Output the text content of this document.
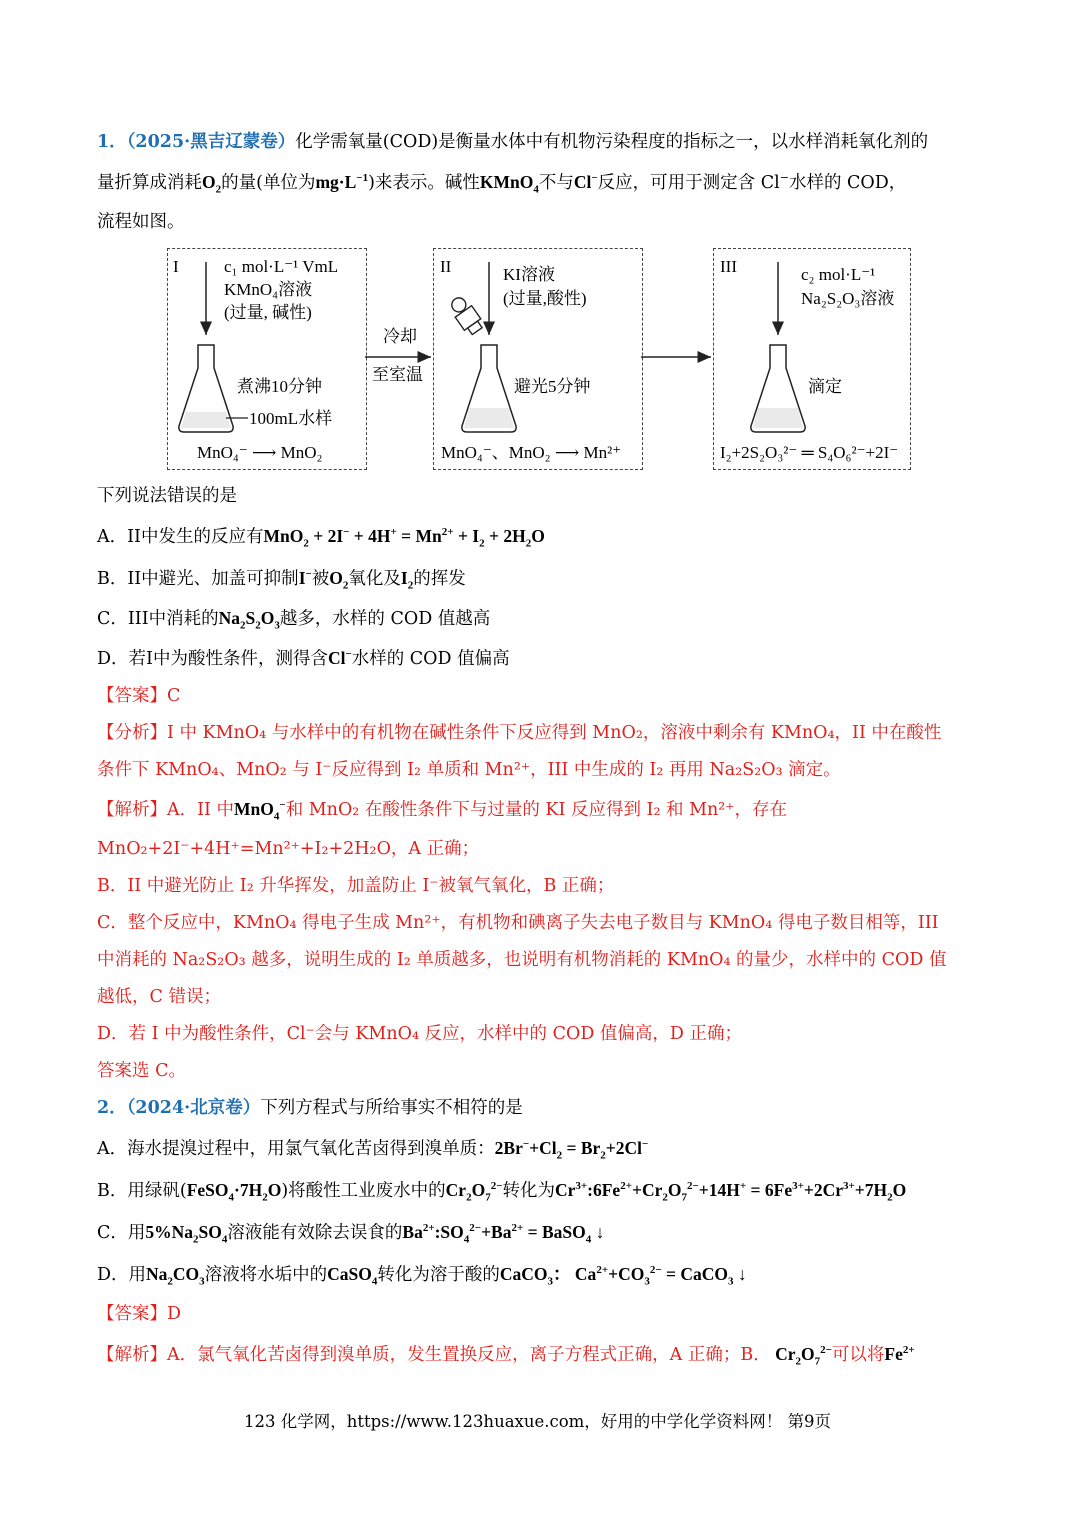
1．（2025·黑吉辽蒙卷）化学需氧量(COD)是衡量水体中有机物污染程度的指标之一，以水样消耗氧化剂的
量折算成消耗$O_2$的量(单位为$mg\cdot L^{-1}$)来表示。碱性KMnO$_4$不与Cl−反应，可用于测定含 Cl−水样的 COD，
流程如图。
I	c₁ mol·L⁻¹ VmL
KMnO₄溶液
(过量, 碱性)
煮沸10分钟
100mL水样
MnO₄⁻ ⟶ MnO₂
冷却
至室温
II	KI溶液
(过量,酸性)
避光5分钟
MnO₄⁻、MnO₂ ⟶ Mn²⁺
III	c₂ mol·L⁻¹
Na₂S₂O₃溶液
滴定
I₂+2S₂O₃²⁻ ═ S₄O₆²⁻+2I⁻
下列说法错误的是
A．II中发生的反应有$MnO_2 + 2I^- + 4H^+ = Mn^{2+} + I_2 + 2H_2O$
B．II中避光、加盖可抑制I−被$O_2$氧化及$I_2$的挥发
C．III中消耗的$Na_2S_2O_3$越多，水样的 COD 值越高
D．若I中为酸性条件，测得含Cl−水样的 COD 值偏高
【答案】C
【分析】I 中 KMnO₄ 与水样中的有机物在碱性条件下反应得到 MnO₂，溶液中剩余有 KMnO₄，II 中在酸性
条件下 KMnO₄、MnO₂ 与 I⁻反应得到 I₂ 单质和 Mn²⁺，III 中生成的 I₂ 再用 Na₂S₂O₃ 滴定。
【解析】A．II 中MnO$_4$−和 MnO₂ 在酸性条件下与过量的 KI 反应得到 I₂ 和 Mn²⁺，存在
MnO₂+2I⁻+4H⁺=Mn²⁺+I₂+2H₂O，A 正确；
B．II 中避光防止 I₂ 升华挥发，加盖防止 I⁻被氧气氧化，B 正确；
C．整个反应中，KMnO₄ 得电子生成 Mn²⁺，有机物和碘离子失去电子数目与 KMnO₄ 得电子数目相等，III
中消耗的 Na₂S₂O₃ 越多，说明生成的 I₂ 单质越多，也说明有机物消耗的 KMnO₄ 的量少，水样中的 COD 值
越低，C 错误；
D．若 I 中为酸性条件，Cl⁻会与 KMnO₄ 反应，水样中的 COD 值偏高，D 正确；
答案选 C。
2．（2024·北京卷）下列方程式与所给事实不相符的是
A．海水提溴过程中，用氯气氧化苦卤得到溴单质：$2Br^-+Cl_2 = Br_2+2Cl^-$
B．用绿矾$(FeSO_4\cdot 7H_2O)$将酸性工业废水中的$Cr_2O_7^{2-}$转化为$Cr^{3+}:6Fe^{2+}+Cr_2O_7^{2-}+14H^+ = 6Fe^{3+}+2Cr^{3+}+7H_2O$
C．用$5\%Na_2SO_4$溶液能有效除去误食的$Ba^{2+}:SO_4^{2-}+Ba^{2+}$ = BaSO$_4$ ↓
D．用$Na_2CO_3$溶液将水垢中的CaSO$_4$转化为溶于酸的CaCO$_3$： $Ca^{2+}+CO_3^{2-}$ = CaCO$_3$ ↓
【答案】D
【解析】A．氯气氧化苦卤得到溴单质，发生置换反应，离子方程式正确，A 正确；B． $Cr_2O_7^{2-}$可以将$Fe^{2+}$
123 化学网，https://www.123huaxue.com，好用的中学化学资料网！ 第9页
